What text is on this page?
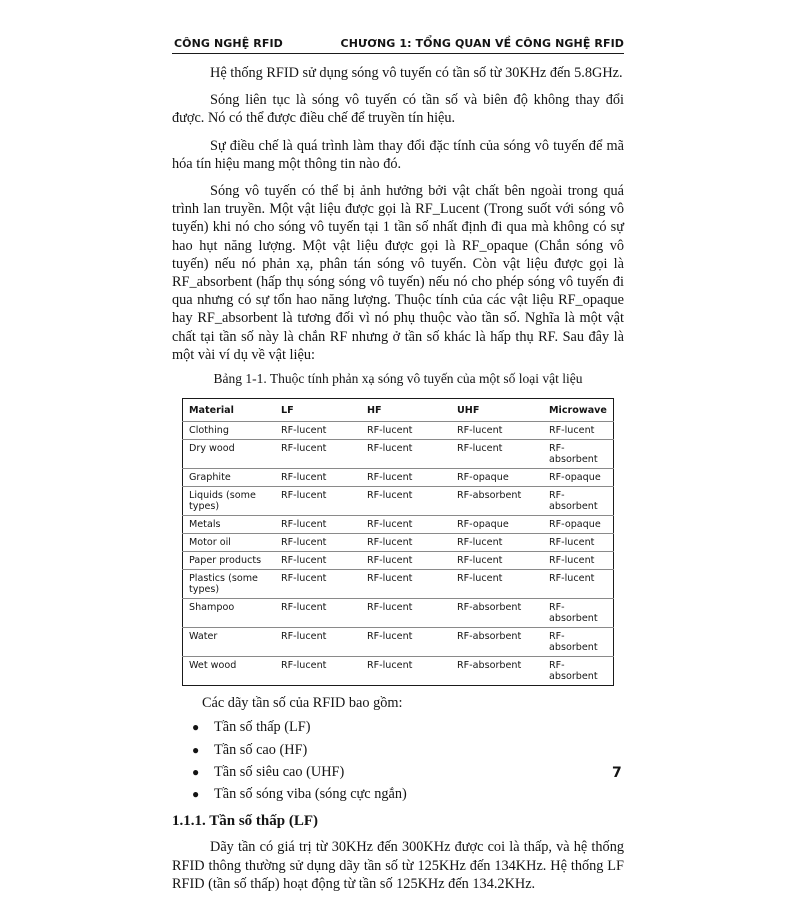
CÔNG NGHỆ RFID	CHƯƠNG 1: TỔNG QUAN VỀ CÔNG NGHỆ RFID

Hệ thống RFID sử dụng sóng vô tuyến có tần số từ 30KHz đến 5.8GHz.

Sóng liên tục là sóng vô tuyến có tần số và biên độ không thay đổi được. Nó có thể được điều chế để truyền tín hiệu.

Sự điều chế là quá trình làm thay đổi đặc tính của sóng vô tuyến để mã hóa tín hiệu mang một thông tin nào đó.

Sóng vô tuyến có thể bị ảnh hưởng bởi vật chất bên ngoài trong quá trình lan truyền. Một vật liệu được gọi là RF_Lucent (Trong suốt với sóng vô tuyến) khi nó cho sóng vô tuyến tại 1 tần số nhất định đi qua mà không có sự hao hụt năng lượng. Một vật liệu được gọi là RF_opaque (Chắn sóng vô tuyến) nếu nó phản xạ, phân tán sóng vô tuyến. Còn vật liệu được gọi là RF_absorbent (hấp thụ sóng sóng vô tuyến) nếu nó cho phép sóng vô tuyến đi qua nhưng có sự tổn hao năng lượng. Thuộc tính của các vật liệu RF_opaque hay RF_absorbent là tương đối vì nó phụ thuộc vào tần số. Nghĩa là một vật chất tại tần số này là chắn RF nhưng ở tần số khác là hấp thụ RF. Sau đây là một vài ví dụ về vật liệu:

Bảng 1-1. Thuộc tính phản xạ sóng vô tuyến của một số loại vật liệu

Material	LF	HF	UHF	Microwave
Clothing	RF-lucent	RF-lucent	RF-lucent	RF-lucent
Dry wood	RF-lucent	RF-lucent	RF-lucent	RF-absorbent
Graphite	RF-lucent	RF-lucent	RF-opaque	RF-opaque
Liquids (some types)	RF-lucent	RF-lucent	RF-absorbent	RF-absorbent
Metals	RF-lucent	RF-lucent	RF-opaque	RF-opaque
Motor oil	RF-lucent	RF-lucent	RF-lucent	RF-lucent
Paper products	RF-lucent	RF-lucent	RF-lucent	RF-lucent
Plastics (some types)	RF-lucent	RF-lucent	RF-lucent	RF-lucent
Shampoo	RF-lucent	RF-lucent	RF-absorbent	RF-absorbent
Water	RF-lucent	RF-lucent	RF-absorbent	RF-absorbent
Wet wood	RF-lucent	RF-lucent	RF-absorbent	RF-absorbent

Các dãy tần số của RFID bao gồm:

● Tần số thấp (LF)
● Tần số cao (HF)
● Tần số siêu cao (UHF)
● Tần số sóng viba (sóng cực ngắn)
1.1.1. Tần số thấp (LF)

Dãy tần có giá trị từ 30KHz đến 300KHz được coi là thấp, và hệ thống RFID thông thường sử dụng dãy tần số từ 125KHz đến 134KHz. Hệ thống LF RFID (tần số thấp) hoạt động từ tần số 125KHz đến 134.2KHz.

7
